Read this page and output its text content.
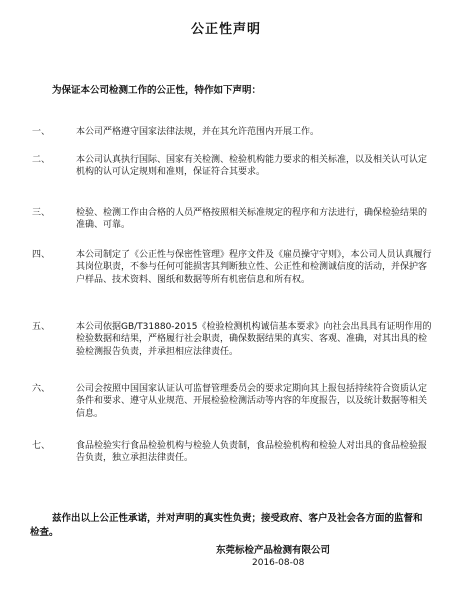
公正性声明
为保证本公司检测工作的公正性，特作如下声明：
一、	本公司严格遵守国家法律法规，并在其允许范围内开展工作。
二、	本公司认真执行国际、国家有关检测、检验机构能力要求的相关标准，以及相关认可认定机构的认可认定规则和准则，保证符合其要求。
三、	检验、检测工作由合格的人员严格按照相关标准规定的程序和方法进行，确保检验结果的准确、可靠。
四、	本公司制定了《公正性与保密性管理》程序文件及《雇员操守守则》，本公司人员认真履行其岗位职责，不参与任何可能损害其判断独立性、公正性和检测诚信度的活动，并保护客户样品、技术资料、图纸和数据等所有机密信息和所有权。
五、	本公司依据GB/T31880-2015《检验检测机构诚信基本要求》向社会出具具有证明作用的检验数据和结果，严格履行社会职责，确保数据结果的真实、客观、准确，对其出具的检验检测报告负责，并承担相应法律责任。
六、	公司会按照中国国家认证认可监督管理委员会的要求定期向其上报包括持续符合资质认定条件和要求、遵守从业规范、开展检验检测活动等内容的年度报告，以及统计数据等相关信息。
七、	食品检验实行食品检验机构与检验人负责制，食品检验机构和检验人对出具的食品检验报告负责，独立承担法律责任。
兹作出以上公正性承诺，并对声明的真实性负责；接受政府、客户及社会各方面的监督和检查。
东莞标检产品检测有限公司
2016-08-08
